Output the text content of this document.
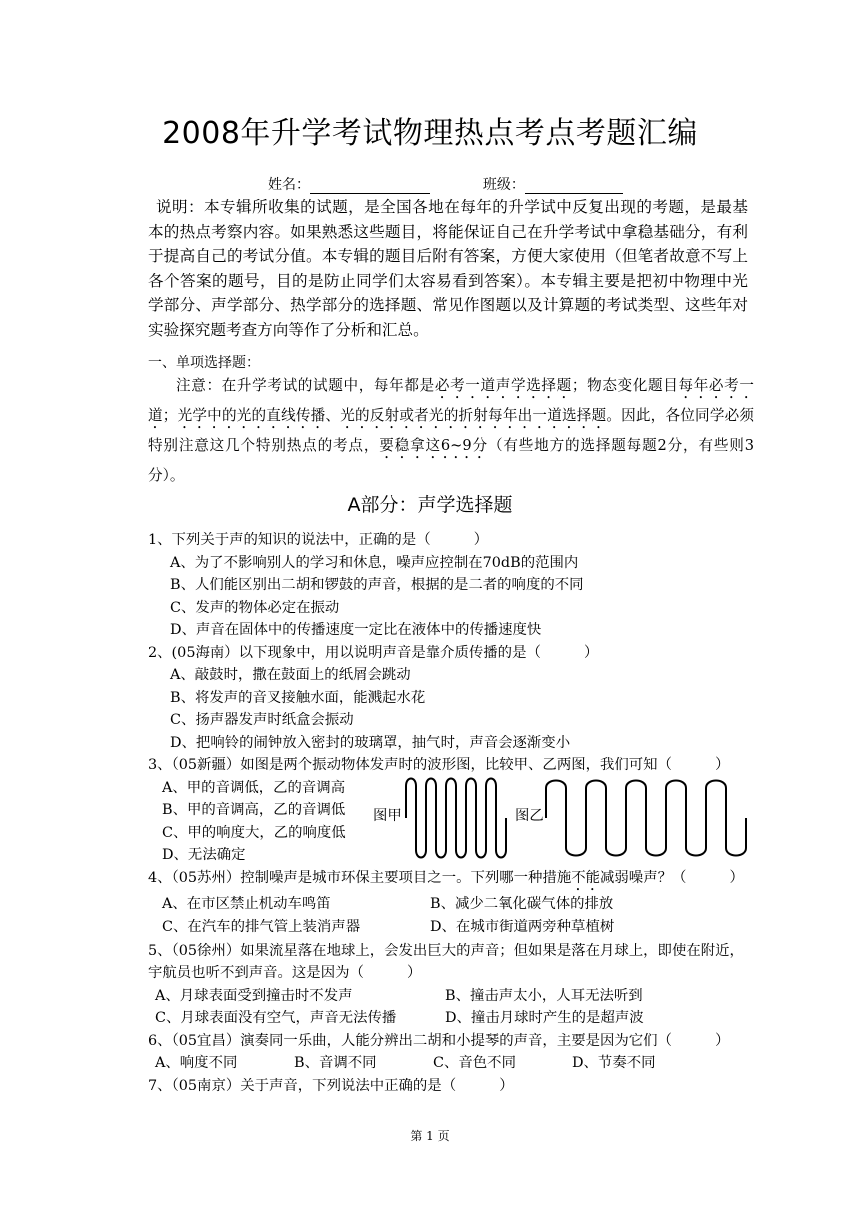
2008年升学考试物理热点考点考题汇编
姓名：	班级：
说明：本专辑所收集的试题，是全国各地在每年的升学试中反复出现的考题，是最基本的热点考察内容。如果熟悉这些题目，将能保证自己在升学考试中拿稳基础分，有利于提高自己的考试分值。本专辑的题目后附有答案，方便大家使用（但笔者故意不写上各个答案的题号，目的是防止同学们太容易看到答案）。本专辑主要是把初中物理中光学部分、声学部分、热学部分的选择题、常见作图题以及计算题的考试类型、这些年对实验探究题考查方向等作了分析和汇总。
一、单项选择题：
注意：在升学考试的试题中，每年都是必考一道声学选择题；物态变化题目每年必考一道；光学中的光的直线传播、光的反射或者光的折射每年出一道选择题。因此，各位同学必须特别注意这几个特别热点的考点，要稳拿这6~9分（有些地方的选择题每题2分，有些则3分）。
A部分：声学选择题
1、下列关于声的知识的说法中，正确的是（　　　）
A、为了不影响别人的学习和休息，噪声应控制在70dB的范围内
B、人们能区别出二胡和锣鼓的声音，根据的是二者的响度的不同
C、发声的物体必定在振动
D、声音在固体中的传播速度一定比在液体中的传播速度快
2、(05海南）以下现象中，用以说明声音是靠介质传播的是（　　　）
A、敲鼓时，撒在鼓面上的纸屑会跳动
B、将发声的音叉接触水面，能溅起水花
C、扬声器发声时纸盒会振动
D、把响铃的闹钟放入密封的玻璃罩，抽气时，声音会逐渐变小
3、（05新疆）如图是两个振动物体发声时的波形图，比较甲、乙两图，我们可知（　　　）
A、甲的音调低，乙的音调高
B、甲的音调高，乙的音调低
C、甲的响度大，乙的响度低
D、无法确定
图甲	图乙
4、（05苏州）控制噪声是城市环保主要项目之一。下列哪一种措施不能减弱噪声？（　　　）
A、在市区禁止机动车鸣笛	B、减少二氧化碳气体的排放
C、在汽车的排气管上装消声器	D、在城市街道两旁种草植树
5、（05徐州）如果流星落在地球上，会发出巨大的声音；但如果是落在月球上，即使在附近，
宇航员也听不到声音。这是因为（　　　）
A、月球表面受到撞击时不发声	B、撞击声太小，人耳无法听到
C、月球表面没有空气，声音无法传播	D、撞击月球时产生的是超声波
6、（05宜昌）演奏同一乐曲，人能分辨出二胡和小提琴的声音，主要是因为它们（　　　）
A、响度不同	B、音调不同	C、音色不同	D、节奏不同
7、（05南京）关于声音，下列说法中正确的是（　　　）
第 1 页
